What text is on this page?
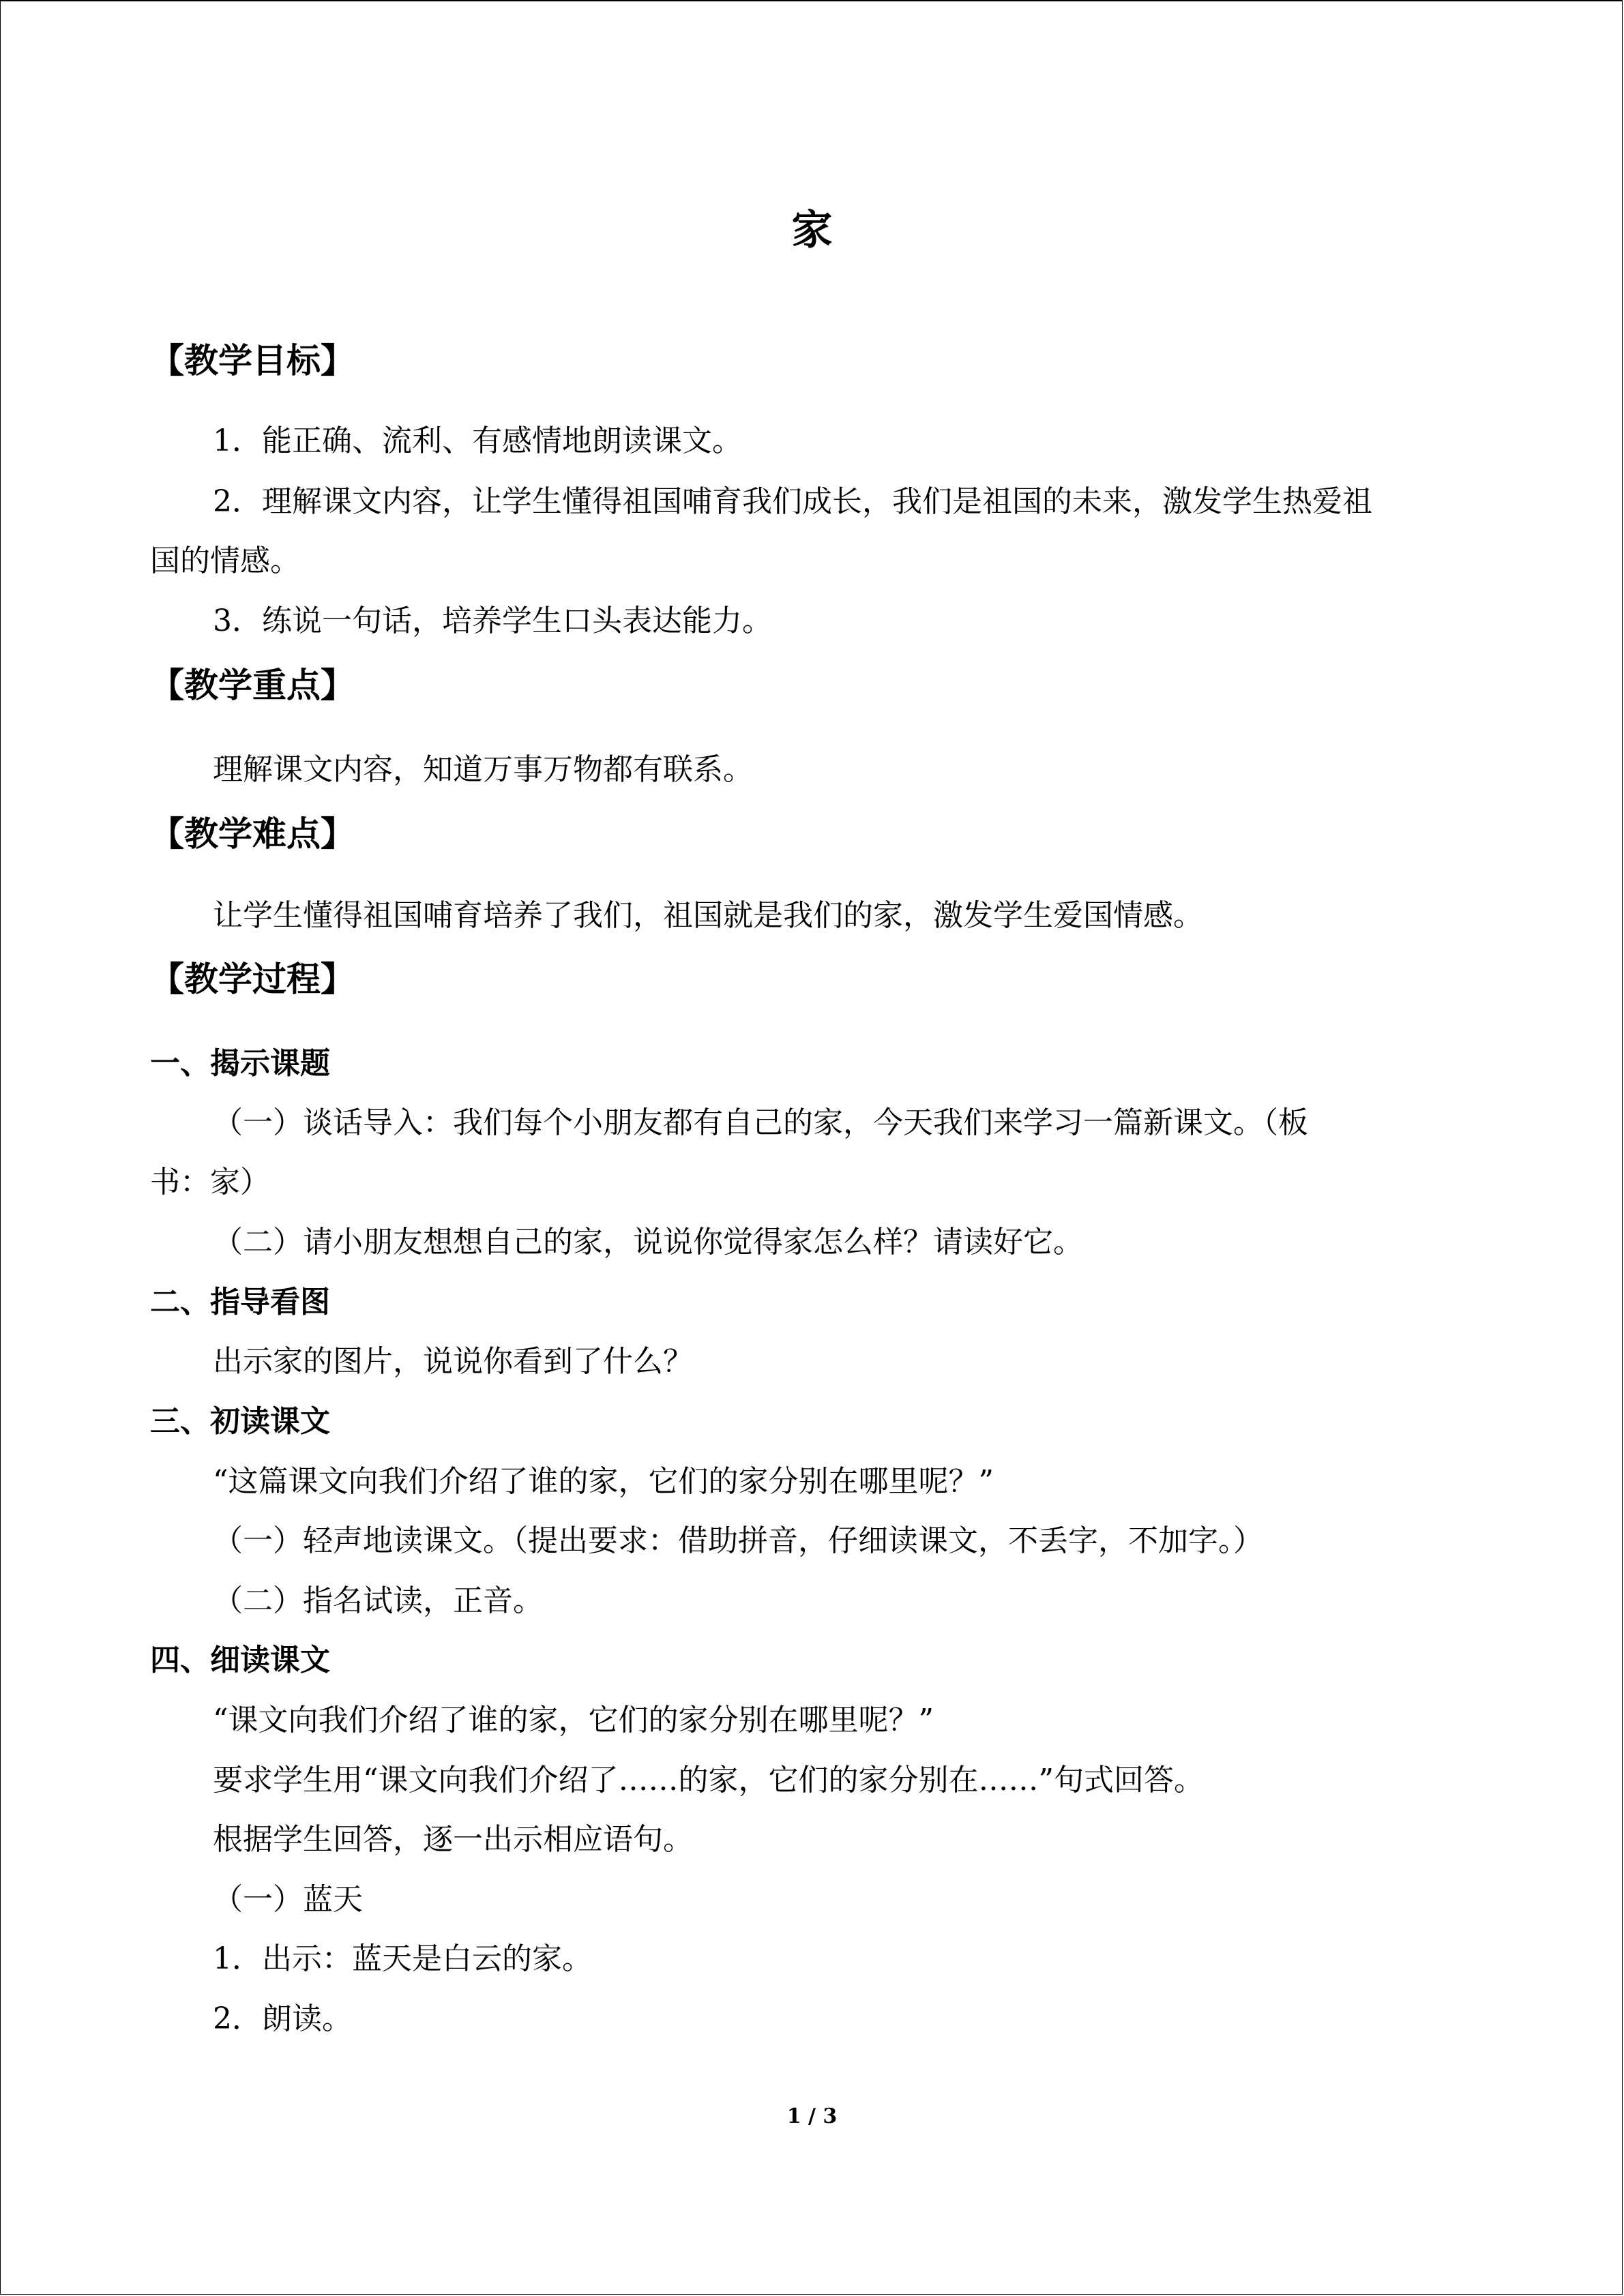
家
【教学目标】

1．能正确、流利、有感情地朗读课文。

2．理解课文内容，让学生懂得祖国哺育我们成长，我们是祖国的未来，激发学生热爱祖

国的情感。

3．练说一句话，培养学生口头表达能力。

【教学重点】

理解课文内容，知道万事万物都有联系。

【教学难点】

让学生懂得祖国哺育培养了我们，祖国就是我们的家，激发学生爱国情感。

【教学过程】
一、揭示课题

（一）谈话导入：我们每个小朋友都有自己的家，今天我们来学习一篇新课文。（板

书：家）

（二）请小朋友想想自己的家，说说你觉得家怎么样？请读好它。

二、指导看图

出示家的图片，说说你看到了什么？

三、初读课文

“这篇课文向我们介绍了谁的家，它们的家分别在哪里呢？”

（一）轻声地读课文。（提出要求：借助拼音，仔细读课文，不丢字，不加字。）

（二）指名试读，正音。

四、细读课文

“课文向我们介绍了谁的家，它们的家分别在哪里呢？”

要求学生用“课文向我们介绍了……的家，它们的家分别在……”句式回答。

根据学生回答，逐一出示相应语句。

（一）蓝天

1．出示：蓝天是白云的家。

2．朗读。

1 / 3
